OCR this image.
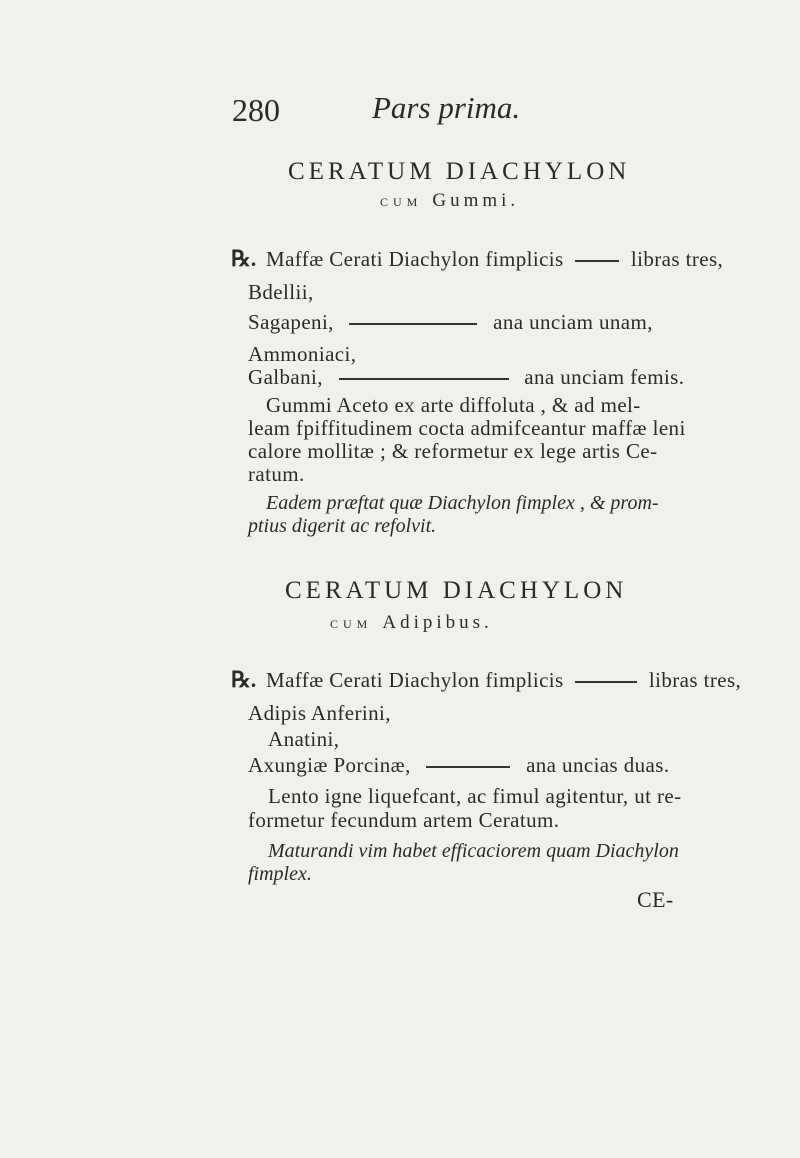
280	Pars prima.
CERATUM DIACHYLON
CUM Gummi.
℞. Maffæ Cerati Diachylon fimplicis	libras tres,
Bdellii,
Sagapeni,	ana unciam unam,
Ammoniaci,
Galbani,	ana unciam femis.
Gummi Aceto ex arte diffoluta , & ad mel-
leam fpiffitudinem cocta admifceantur maffæ leni
calore mollitæ ; & reformetur ex lege artis Ce-
ratum.
Eadem præftat quæ Diachylon fimplex , & prom-
ptius digerit ac refolvit.
CERATUM DIACHYLON
CUM Adipibus.
℞. Maffæ Cerati Diachylon fimplicis	libras tres,
Adipis Anferini,
Anatini,
Axungiæ Porcinæ,	ana uncias duas.
Lento igne liquefcant, ac fimul agitentur, ut re-
formetur fecundum artem Ceratum.
Maturandi vim habet efficaciorem quam Diachylon
fimplex.
CE-
